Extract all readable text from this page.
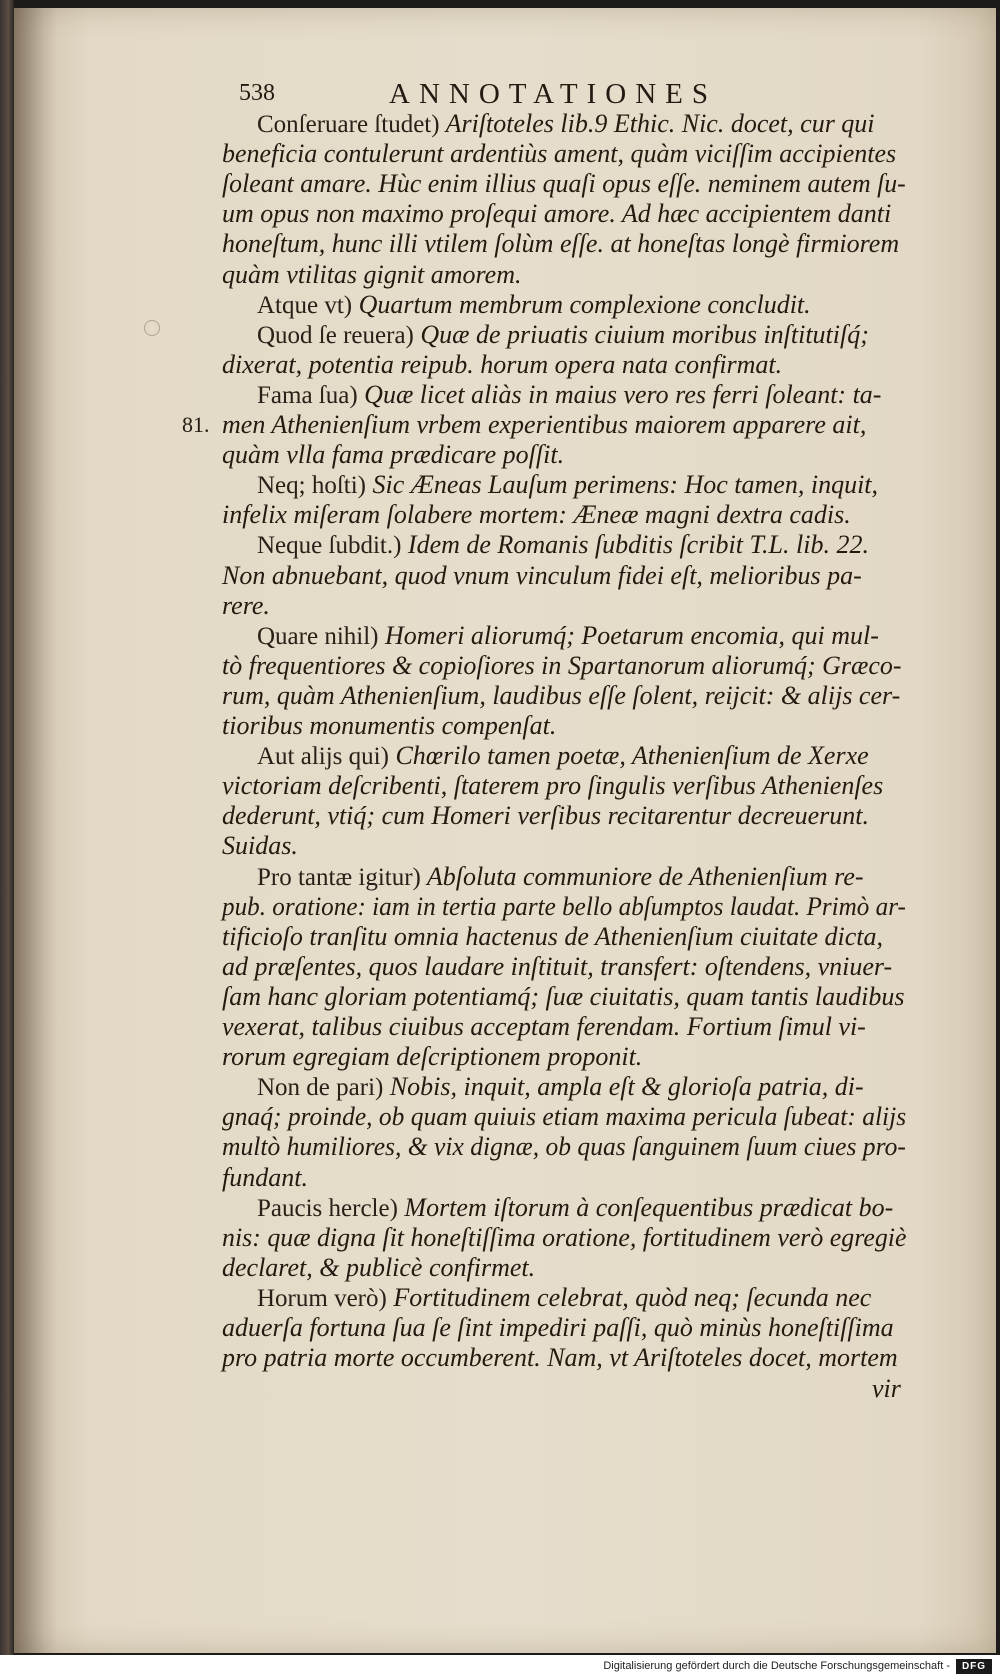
538	ANNOTATIONES
81.
Conſeruare ſtudet) Ariſtoteles lib.9 Ethic. Nic. docet, cur qui
beneficia contulerunt ardentiùs ament, quàm viciſſim accipientes
ſoleant amare. Hùc enim illius quaſi opus eſſe. neminem autem ſu-
um opus non maximo proſequi amore. Ad hæc accipientem danti
honeſtum, hunc illi vtilem ſolùm eſſe. at honeſtas longè firmiorem
quàm vtilitas gignit amorem.
Atque vt) Quartum membrum complexione concludit.
Quod ſe reuera) Quæ de priuatis ciuium moribus inſtitutiſq́;
dixerat, potentia reipub. horum opera nata confirmat.
Fama ſua) Quæ licet aliàs in maius vero res ferri ſoleant: ta-
men Athenienſium vrbem experientibus maiorem apparere ait,
quàm vlla fama prædicare poſſit.
Neq; hoſti) Sic Æneas Lauſum perimens: Hoc tamen, inquit,
infelix miſeram ſolabere mortem: Æneæ magni dextra cadis.
Neque ſubdit.) Idem de Romanis ſubditis ſcribit T.L. lib. 22.
Non abnuebant, quod vnum vinculum fidei eſt, melioribus pa-
rere.
Quare nihil) Homeri aliorumq́; Poetarum encomia, qui mul-
tò frequentiores & copioſiores in Spartanorum aliorumq́; Græco-
rum, quàm Athenienſium, laudibus eſſe ſolent, reijcit: & alijs cer-
tioribus monumentis compenſat.
Aut alijs qui) Chœrilo tamen poetæ, Athenienſium de Xerxe
victoriam deſcribenti, ſtaterem pro ſingulis verſibus Athenienſes
dederunt, vtiq́; cum Homeri verſibus recitarentur decreuerunt.
Suidas.
Pro tantæ igitur) Abſoluta communiore de Athenienſium re-
pub. oratione: iam in tertia parte bello abſumptos laudat. Primò ar-
tificioſo tranſitu omnia hactenus de Athenienſium ciuitate dicta,
ad præſentes, quos laudare inſtituit, transfert: oſtendens, vniuer-
ſam hanc gloriam potentiamq́; ſuæ ciuitatis, quam tantis laudibus
vexerat, talibus ciuibus acceptam ferendam. Fortium ſimul vi-
rorum egregiam deſcriptionem proponit.
Non de pari) Nobis, inquit, ampla eſt & glorioſa patria, di-
gnaq́; proinde, ob quam quiuis etiam maxima pericula ſubeat: alijs
multò humiliores, & vix dignæ, ob quas ſanguinem ſuum ciues pro-
fundant.
Paucis hercle) Mortem iſtorum à conſequentibus prædicat bo-
nis: quæ digna ſit honeſtiſſima oratione, fortitudinem verò egregiè
declaret, & publicè confirmet.
Horum verò) Fortitudinem celebrat, quòd neq; ſecunda nec
aduerſa fortuna ſua ſe ſint impediri paſſi, quò minùs honeſtiſſima
pro patria morte occumberent. Nam, vt Ariſtoteles docet, mortem
vir
Digitalisierung gefördert durch die Deutsche Forschungsgemeinschaft -	DFG
